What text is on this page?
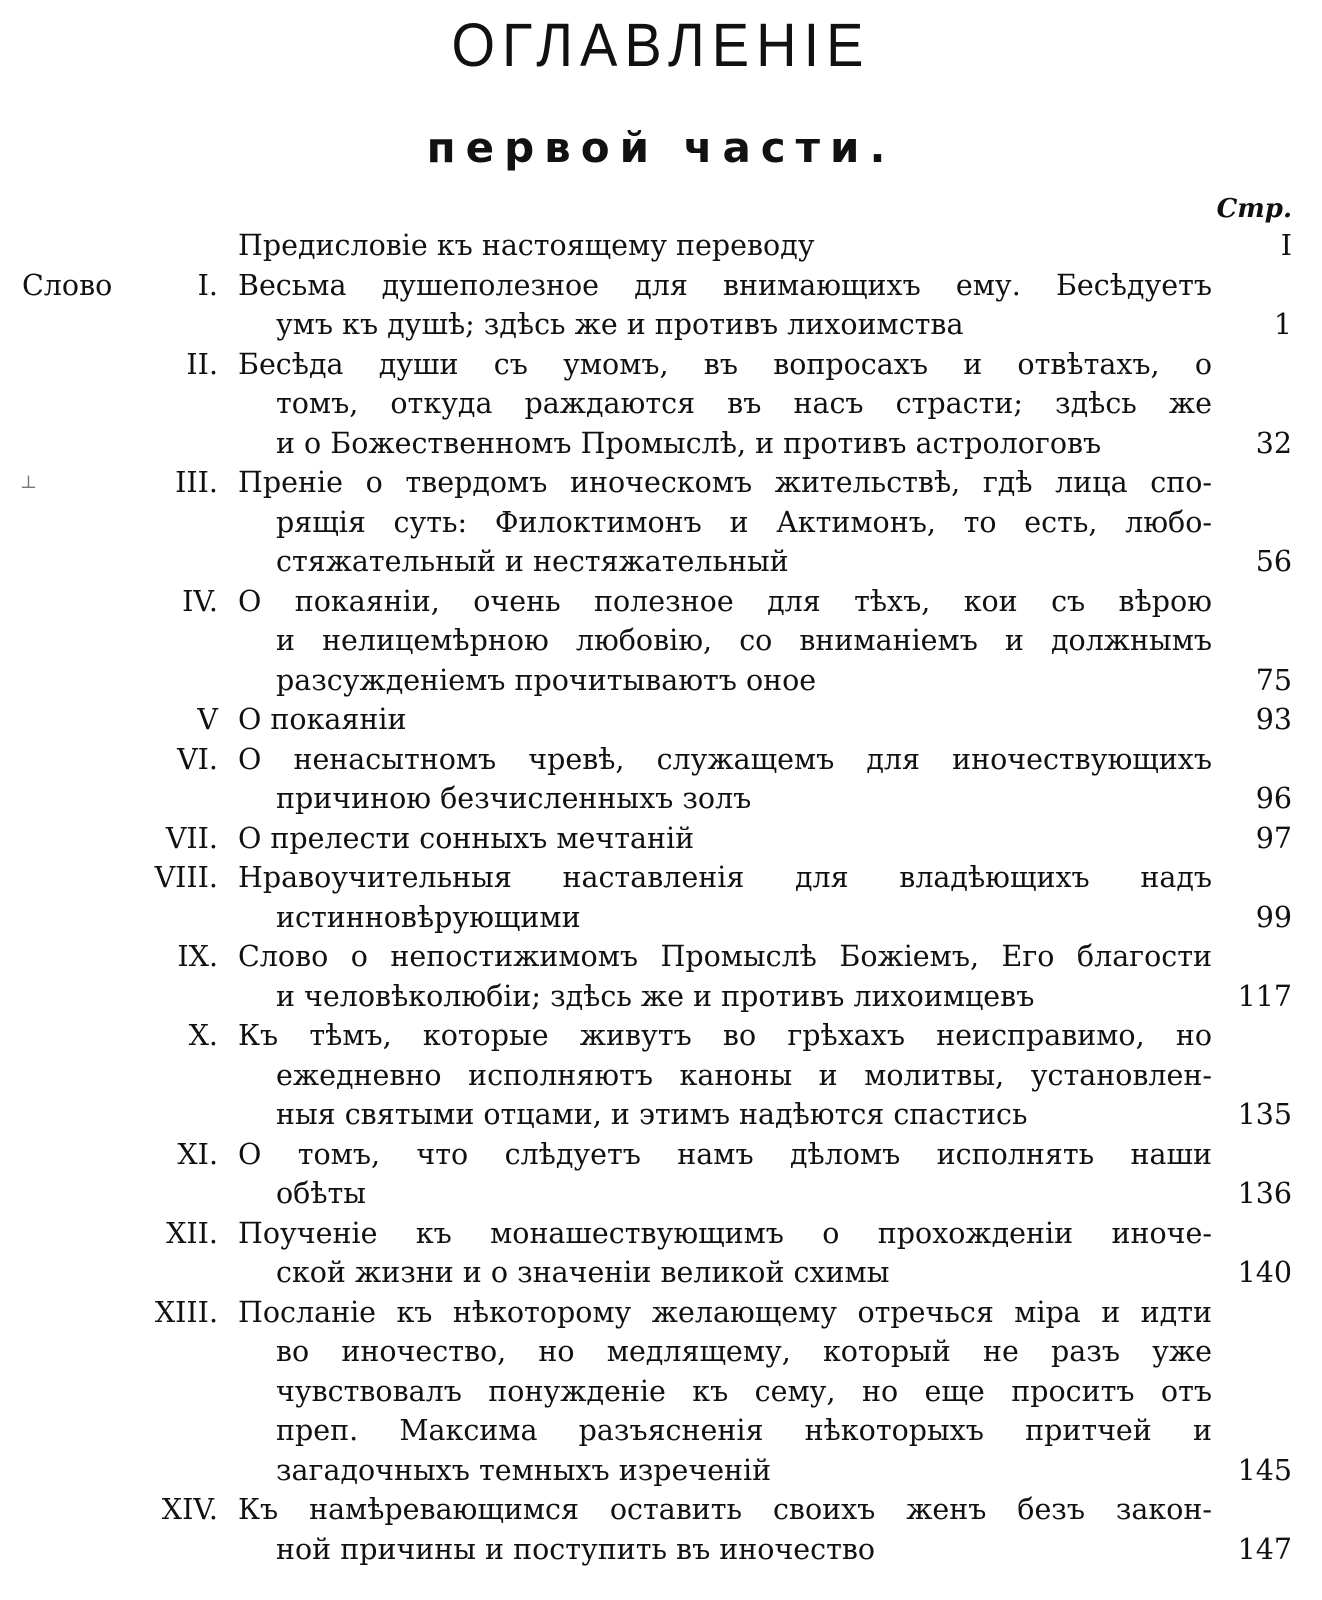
ОГЛАВЛЕНІЕ
первой части.
Стр.
⊥
Предисловіе къ настоящему переводу	I
Слово	I. Весьма душеполезное для внимающихъ ему. Бесѣдуетъ
умъ къ душѣ; здѣсь же и противъ лихоимства	1
II. Бесѣда души съ умомъ, въ вопросахъ и отвѣтахъ, о
томъ, откуда раждаются въ насъ страсти; здѣсь же
и о Божественномъ Промыслѣ, и противъ астрологовъ	32
III. Преніе о твердомъ иноческомъ жительствѣ, гдѣ лица спо-
рящія суть: Филоктимонъ и Актимонъ, то есть, любо-
стяжательный и нестяжательный	56
IV. О покаяніи, очень полезное для тѣхъ, кои съ вѣрою
и нелицемѣрною любовію, со вниманіемъ и должнымъ
разсужденіемъ прочитываютъ оное	75
V О покаяніи	93
VI. О ненасытномъ чревѣ, служащемъ для иночествующихъ
причиною безчисленныхъ золъ	96
VII. О прелести сонныхъ мечтаній	97
VIII. Нравоучительныя наставленія для владѣющихъ надъ
истинновѣрующими	99
IX. Слово о непостижимомъ Промыслѣ Божіемъ, Его благости
и человѣколюбіи; здѣсь же и противъ лихоимцевъ	117
X. Къ тѣмъ, которые живутъ во грѣхахъ неисправимо, но
ежедневно исполняютъ каноны и молитвы, установлен-
ныя святыми отцами, и этимъ надѣются спастись	135
XI. О томъ, что слѣдуетъ намъ дѣломъ исполнять наши
обѣты	136
XII. Поученіе къ монашествующимъ о прохожденіи иноче-
ской жизни и о значеніи великой схимы	140
XIII. Посланіе къ нѣкоторому желающему отречься міра и идти
во иночество, но медлящему, который не разъ уже
чувствовалъ понужденіе къ сему, но еще проситъ отъ
преп. Максима разъясненія нѣкоторыхъ притчей и
загадочныхъ темныхъ изреченій	145
XIV. Къ намѣревающимся оставить своихъ женъ безъ закон-
ной причины и поступить въ иночество	147
